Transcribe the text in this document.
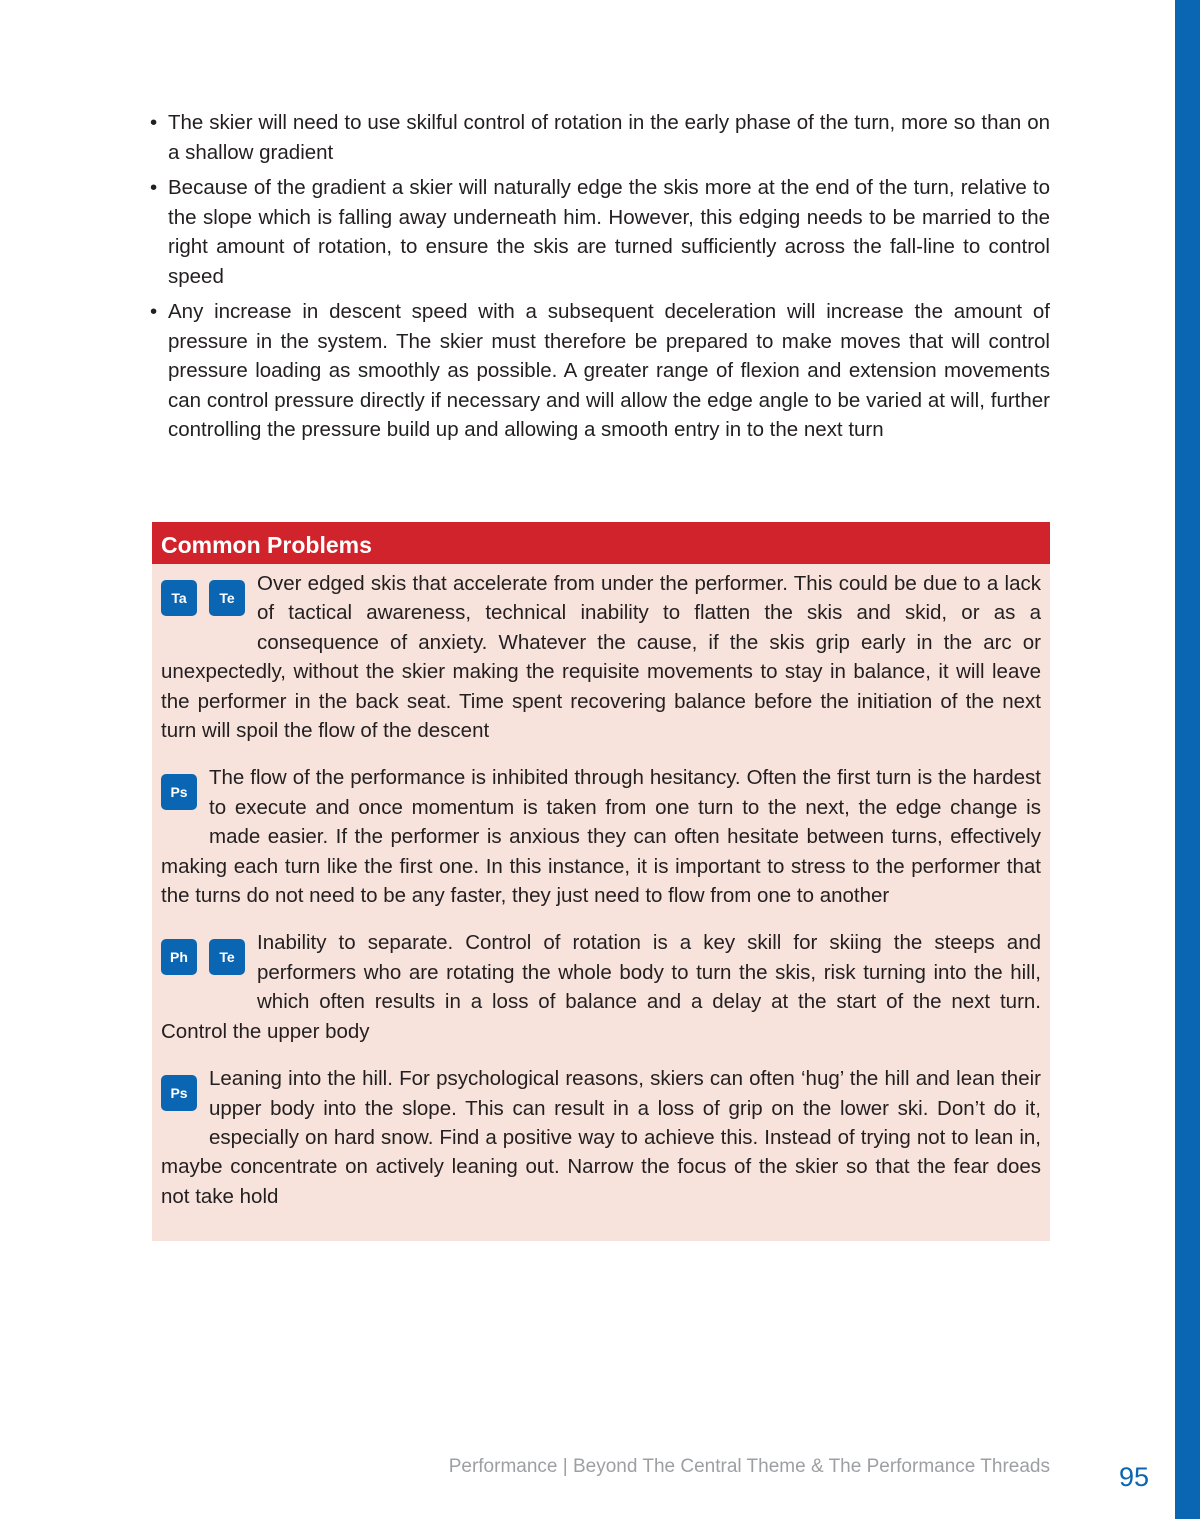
• The skier will need to use skilful control of rotation in the early phase of the turn, more so than on a shallow gradient
• Because of the gradient a skier will naturally edge the skis more at the end of the turn, relative to the slope which is falling away underneath him. However, this edging needs to be married to the right amount of rotation, to ensure the skis are turned sufficiently across the fall-line to control speed
• Any increase in descent speed with a subsequent deceleration will increase the amount of pressure in the system. The skier must therefore be prepared to make moves that will control pressure loading as smoothly as possible. A greater range of flexion and extension movements can control pressure directly if necessary and will allow the edge angle to be varied at will, further controlling the pressure build up and allowing a smooth entry in to the next turn
Common Problems
Ta Te
Over edged skis that accelerate from under the performer. This could be due to a lack of tactical awareness, technical inability to flatten the skis and skid, or as a consequence of anxiety. Whatever the cause, if the skis grip early in the arc or unexpectedly, without the skier making the requisite movements to stay in balance, it will leave the performer in the back seat. Time spent recovering balance before the initiation of the next turn will spoil the flow of the descent
Ps
The flow of the performance is inhibited through hesitancy. Often the first turn is the hardest to execute and once momentum is taken from one turn to the next, the edge change is made easier. If the performer is anxious they can often hesitate between turns, effectively making each turn like the first one. In this instance, it is important to stress to the performer that the turns do not need to be any faster, they just need to flow from one to another
Ph Te
Inability to separate. Control of rotation is a key skill for skiing the steeps and performers who are rotating the whole body to turn the skis, risk turning into the hill, which often results in a loss of balance and a delay at the start of the next turn. Control the upper body
Ps
Leaning into the hill. For psychological reasons, skiers can often ‘hug’ the hill and lean their upper body into the slope. This can result in a loss of grip on the lower ski. Don’t do it, especially on hard snow. Find a positive way to achieve this. Instead of trying not to lean in, maybe concentrate on actively leaning out. Narrow the focus of the skier so that the fear does not take hold
Performance | Beyond The Central Theme & The Performance Threads	95
